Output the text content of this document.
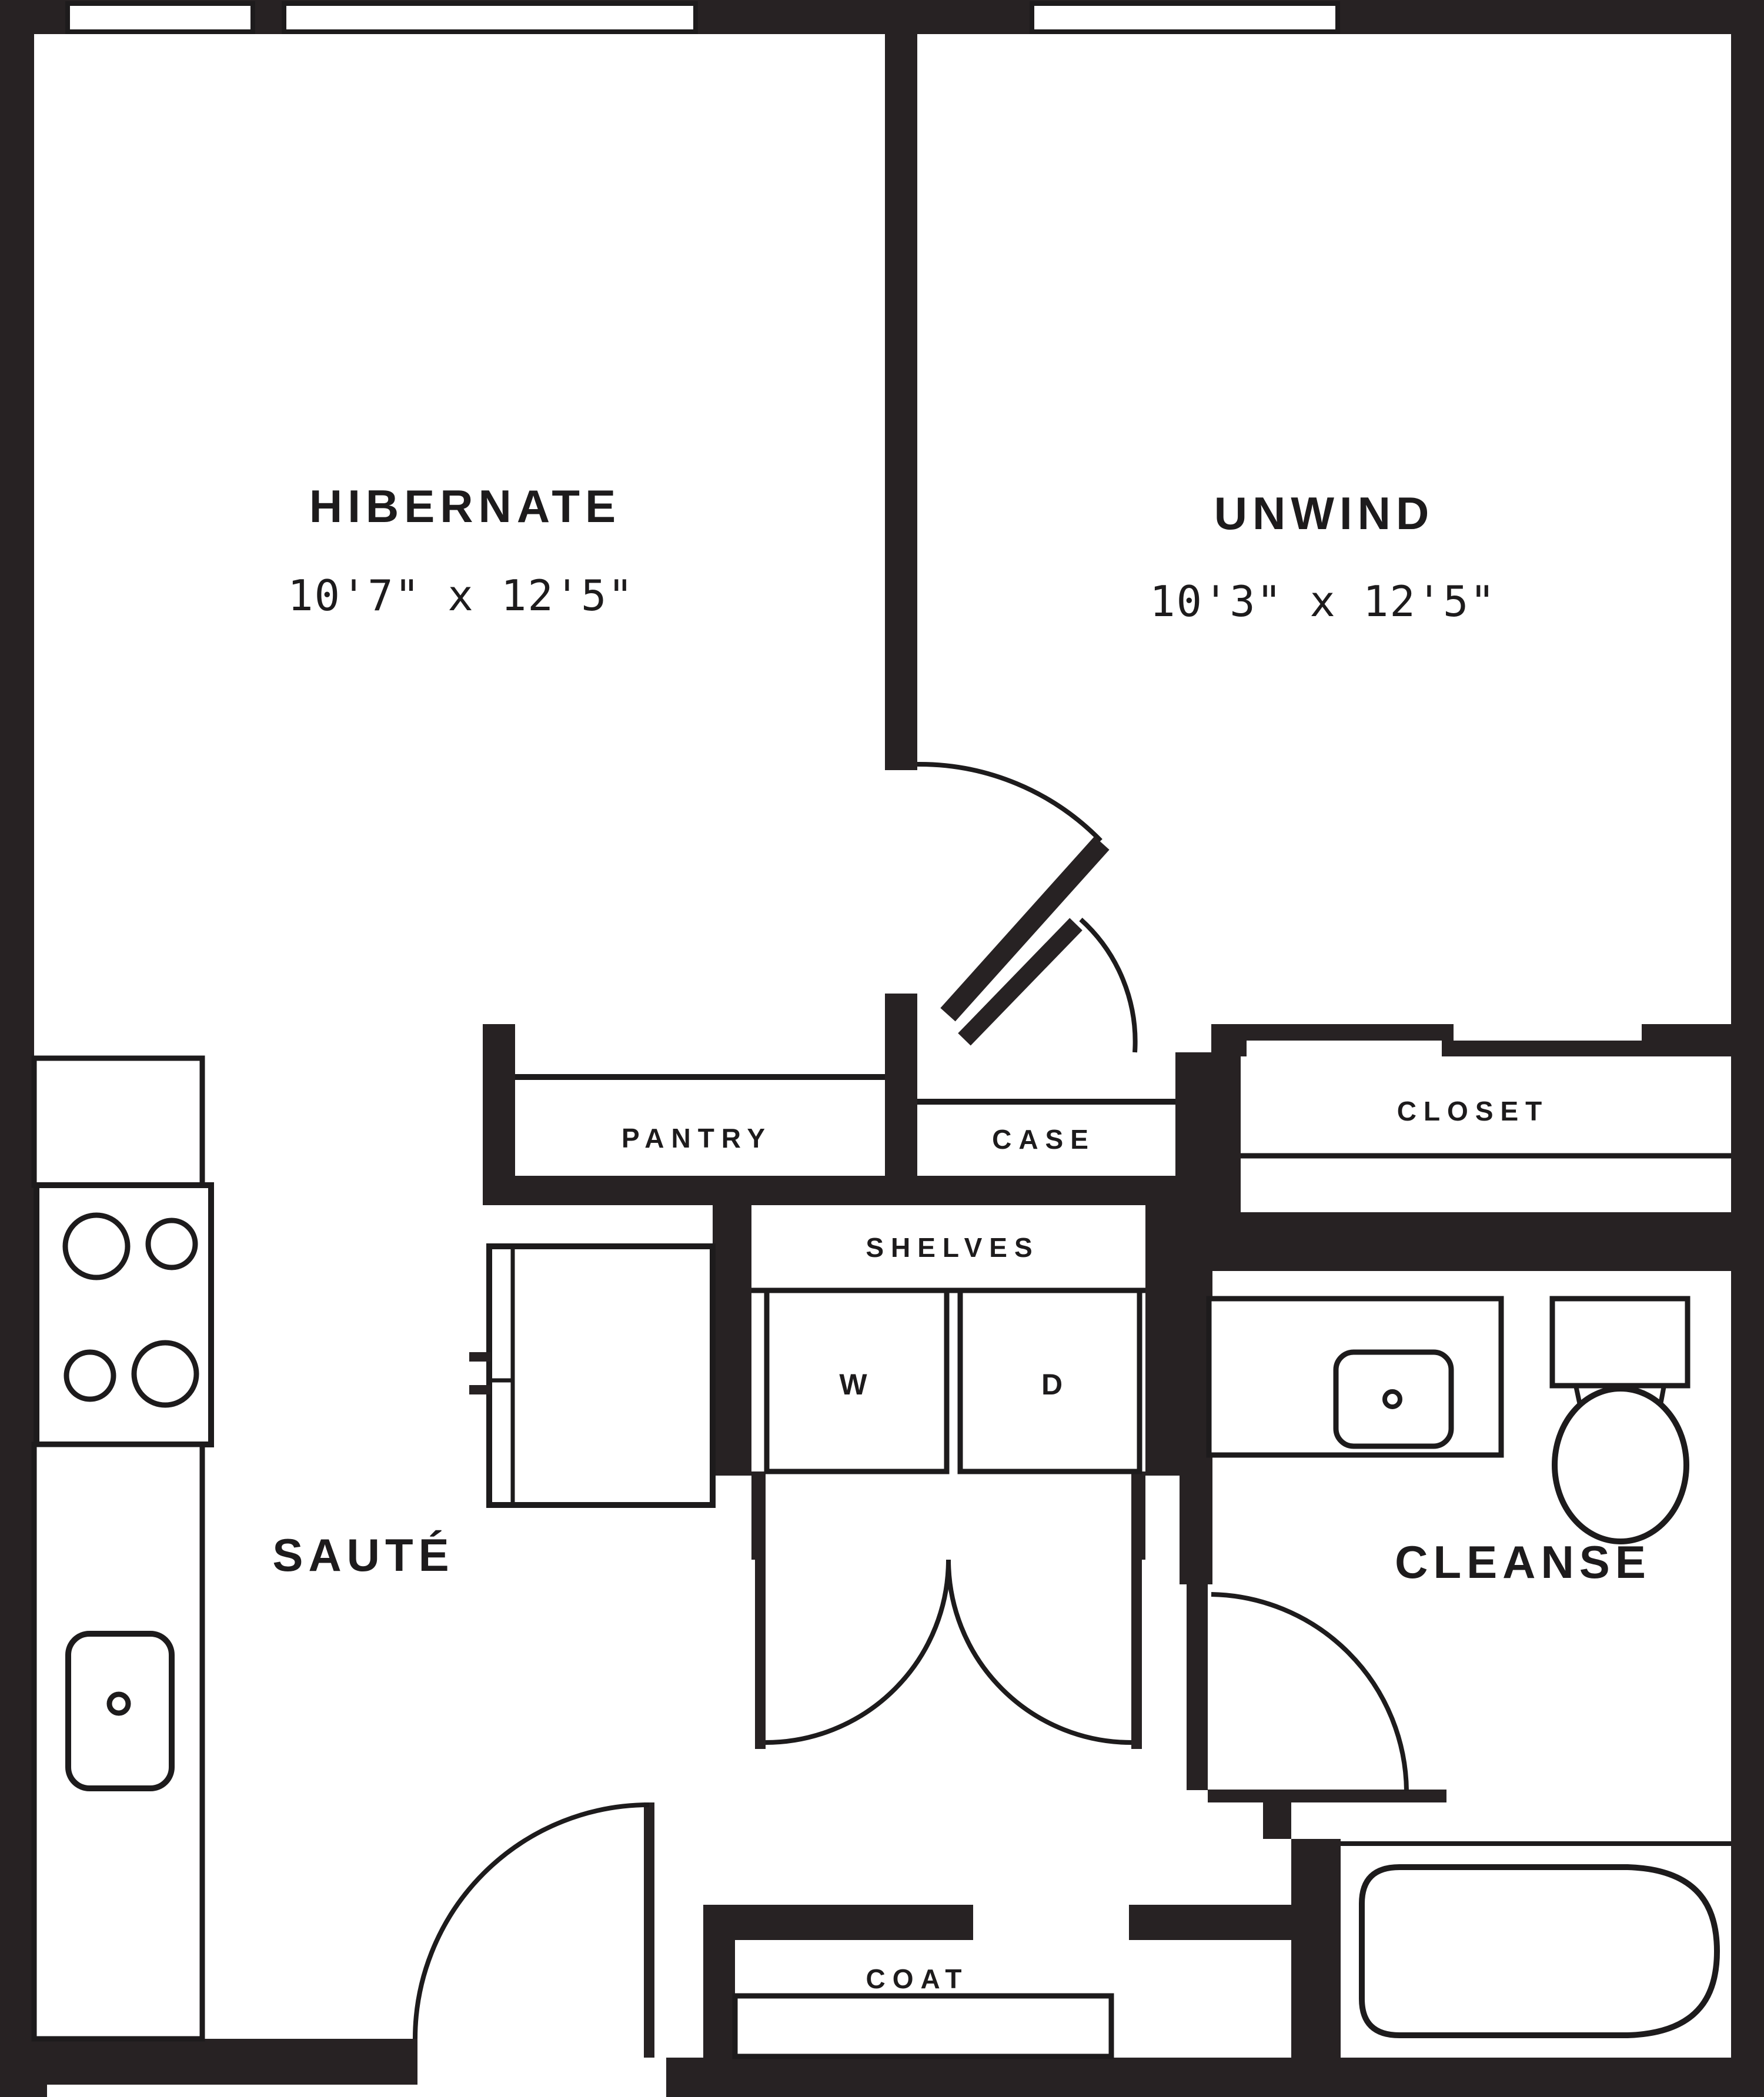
HIBERNATE
10'7" x 12'5"
UNWIND
10'3" x 12'5"
PANTRY	CASE
CLOSET
SHELVES
W	D
SAUTÉ	CLEANSE
COAT
